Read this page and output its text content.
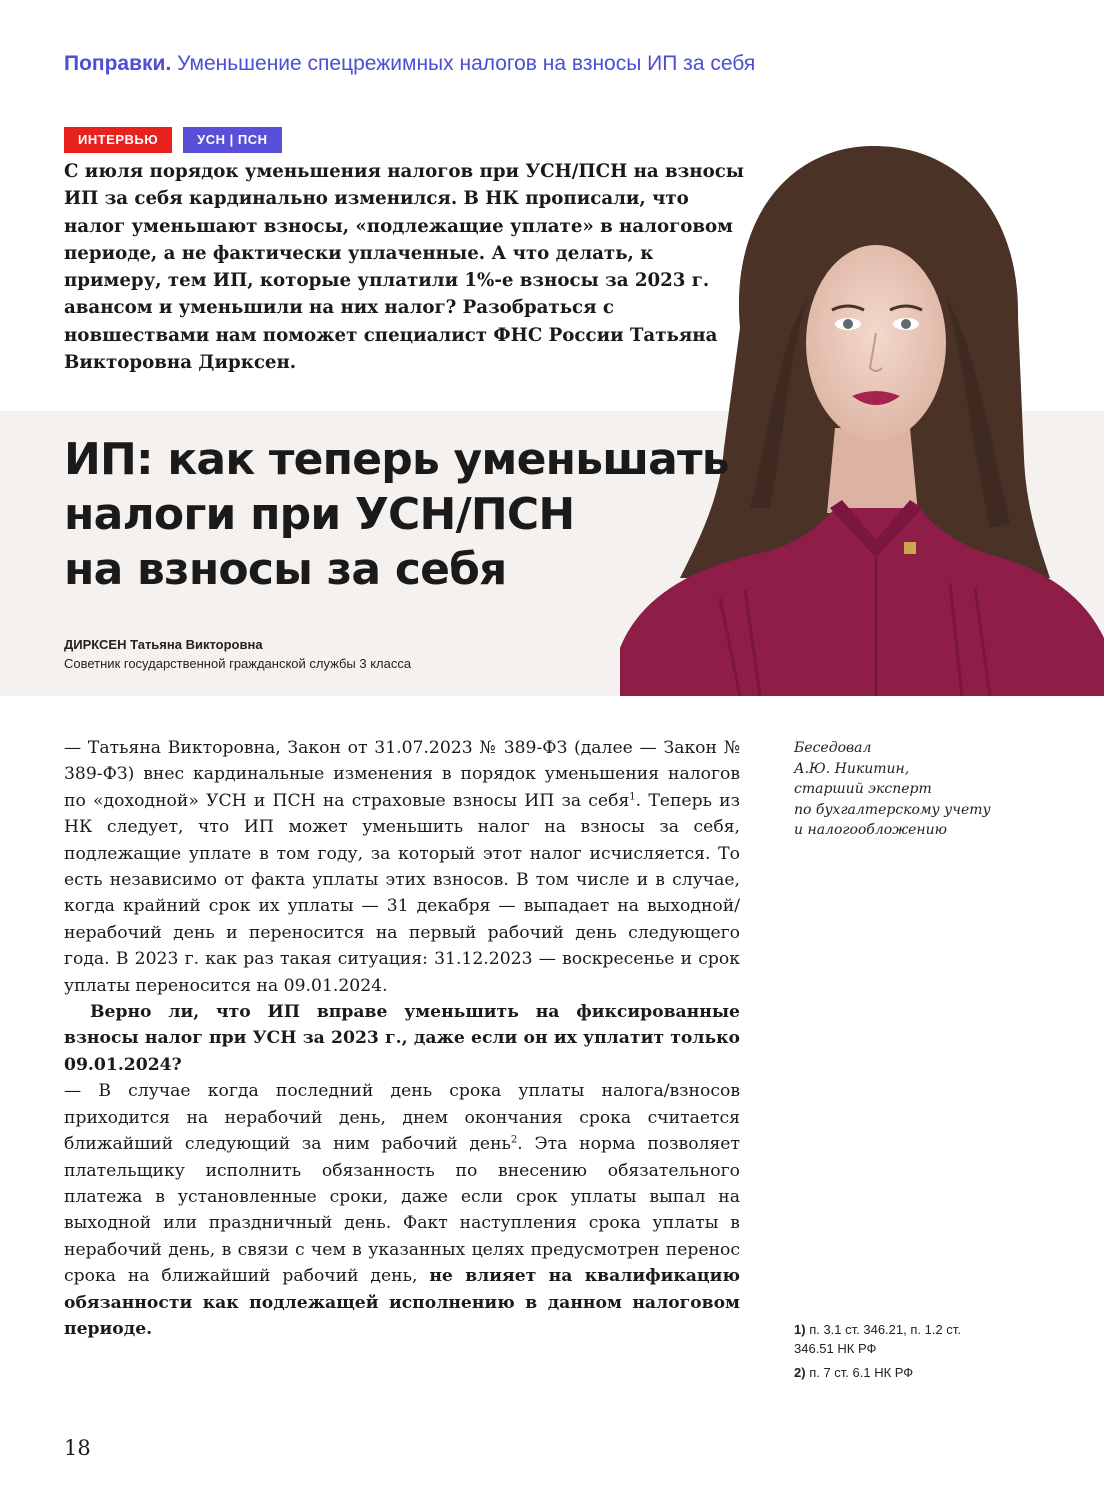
Поправки. Уменьшение спецрежимных налогов на взносы ИП за себя
ИНТЕРВЬЮ	УСН | ПСН
С июля порядок уменьшения налогов при УСН/ПСН на взносы ИП за себя кардинально изменился. В НК прописали, что налог уменьшают взносы, «подлежащие уплате» в налоговом периоде, а не фактически уплаченные. А что делать, к примеру, тем ИП, которые уплатили 1%-е взносы за 2023 г. авансом и уменьшили на них налог? Разобраться с новшествами нам поможет специалист ФНС России Татьяна Викторовна Дирксен.
ИП: как теперь уменьшать
налоги при УСН/ПСН
на взносы за себя
ДИРКСЕН Татьяна Викторовна
Советник государственной гражданской службы 3 класса

— Татьяна Викторовна, Закон от 31.07.2023 № 389-ФЗ (далее — Закон № 389-ФЗ) внес кардинальные изменения в порядок уменьшения налогов по «доходной» УСН и ПСН на страховые взносы ИП за себя$^1$. Теперь из НК следует, что ИП может уменьшить налог на взносы за себя, подлежащие уплате в том году, за который этот налог исчисляется. То есть независимо от факта уплаты этих взносов. В том числе и в случае, когда крайний срок их уплаты — 31 декабря — выпадает на выходной/нерабочий день и переносится на первый рабочий день следующего года. В 2023 г. как раз такая ситуация: 31.12.2023 — воскресенье и срок уплаты переносится на 09.01.2024.

Верно ли, что ИП вправе уменьшить на фиксированные взносы налог при УСН за 2023 г., даже если он их уплатит только 09.01.2024?

— В случае когда последний день срока уплаты налога/взносов приходится на нерабочий день, днем окончания срока считается ближайший следующий за ним рабочий день$^2$. Эта норма позволяет плательщику исполнить обязанность по внесению обязательного платежа в установленные сроки, даже если срок уплаты выпал на выходной или праздничный день. Факт наступления срока уплаты в нерабочий день, в связи с чем в указанных целях предусмотрен перенос срока на ближайший рабочий день, не влияет на квалификацию обязанности как подлежащей исполнению в данном налоговом периоде.

Беседовал
А.Ю. Никитин,
старший эксперт
по бухгалтерскому учету
и налогообложению
1) п. 3.1 ст. 346.21, п. 1.2 ст. 346.51 НК РФ
2) п. 7 ст. 6.1 НК РФ
18
